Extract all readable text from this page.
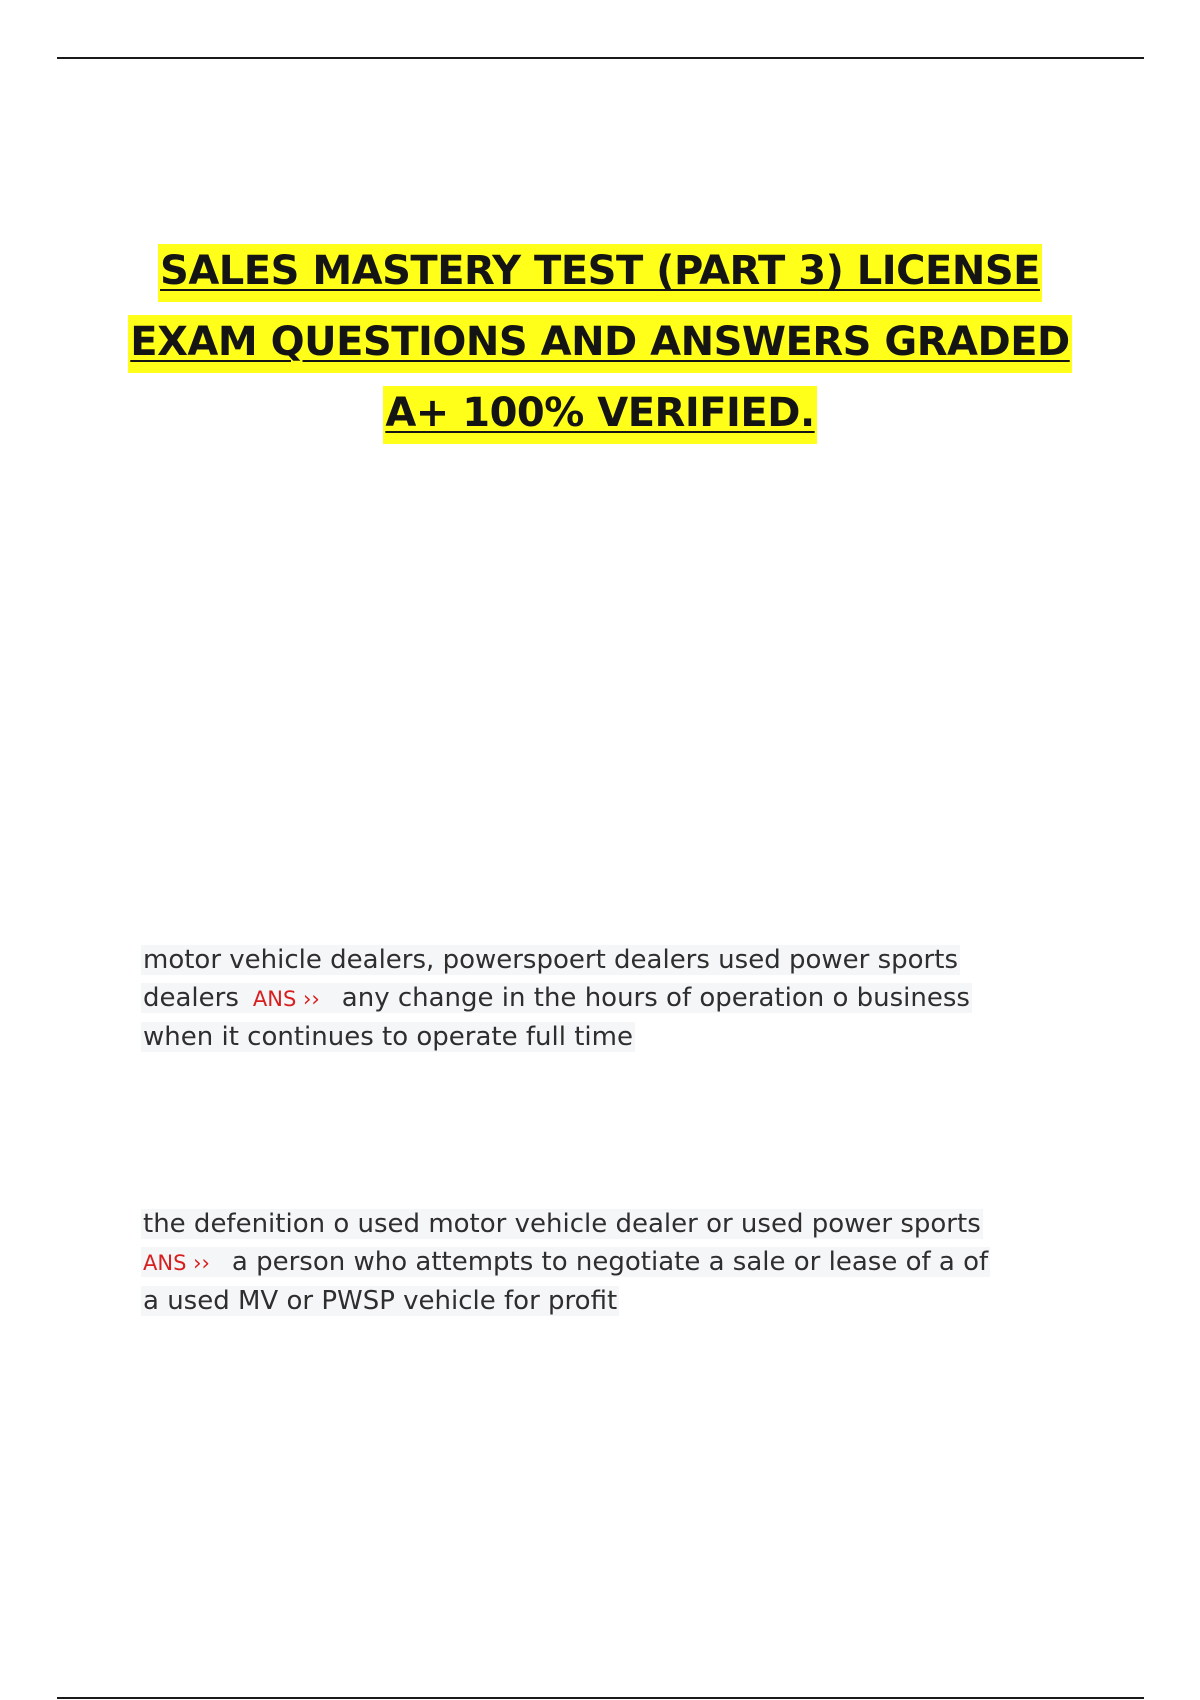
SALES MASTERY TEST (PART 3) LICENSE
EXAM QUESTIONS AND ANSWERS GRADED
A+ 100% VERIFIED.
motor vehicle dealers, powerspoert dealers used power sports
dealers ANS ›› any change in the hours of operation o business
when it continues to operate full time
the defenition o used motor vehicle dealer or used power sports
ANS ›› a person who attempts to negotiate a sale or lease of a of
a used MV or PWSP vehicle for profit
